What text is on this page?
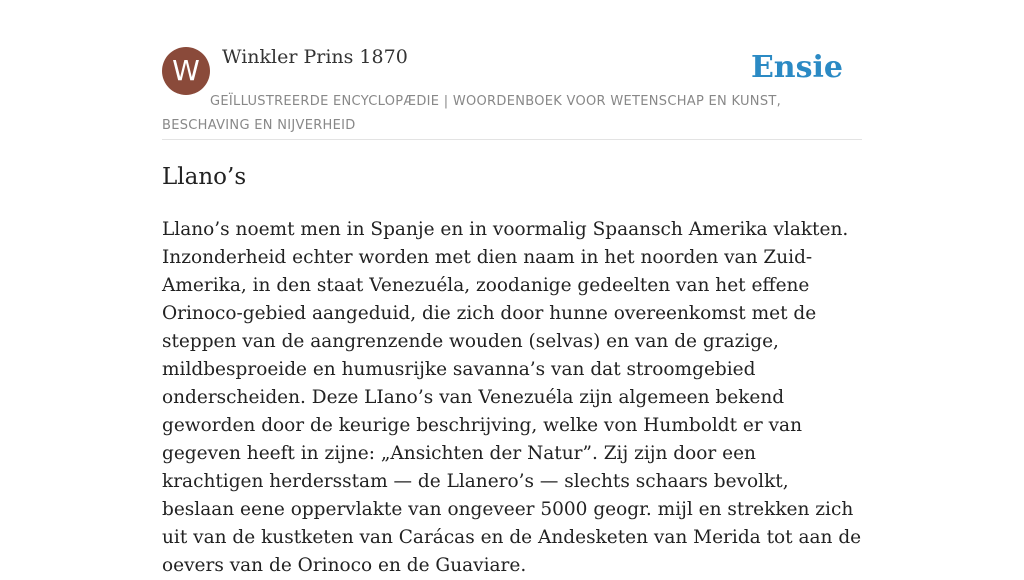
W	Winkler Prins 1870	Ensie
GEÏLLUSTREERDE ENCYCLOPÆDIE | WOORDENBOEK VOOR WETENSCHAP EN KUNST, BESCHAVING EN NIJVERHEID
Llano’s

Llano’s noemt men in Spanje en in voormalig Spaansch Amerika vlakten. Inzonderheid echter worden met dien naam in het noorden van Zuid-Amerika, in den staat Venezuéla, zoodanige gedeelten van het effene Orinoco-gebied aangeduid, die zich door hunne overeenkomst met de steppen van de aangrenzende wouden (selvas) en van de grazige, mildbesproeide en humusrijke savanna’s van dat stroomgebied onderscheiden. Deze LIano’s van Venezuéla zijn algemeen bekend geworden door de keurige beschrijving, welke von Humboldt er van gegeven heeft in zijne: „Ansichten der Natur”. Zij zijn door een krachtigen herdersstam — de Llanero’s — slechts schaars bevolkt, beslaan eene oppervlakte van ongeveer 5000 geogr. mijl en strekken zich uit van de kustketen van Carácas en de Andesketen van Merida tot aan de oevers van de Orinoco en de Guaviare.
